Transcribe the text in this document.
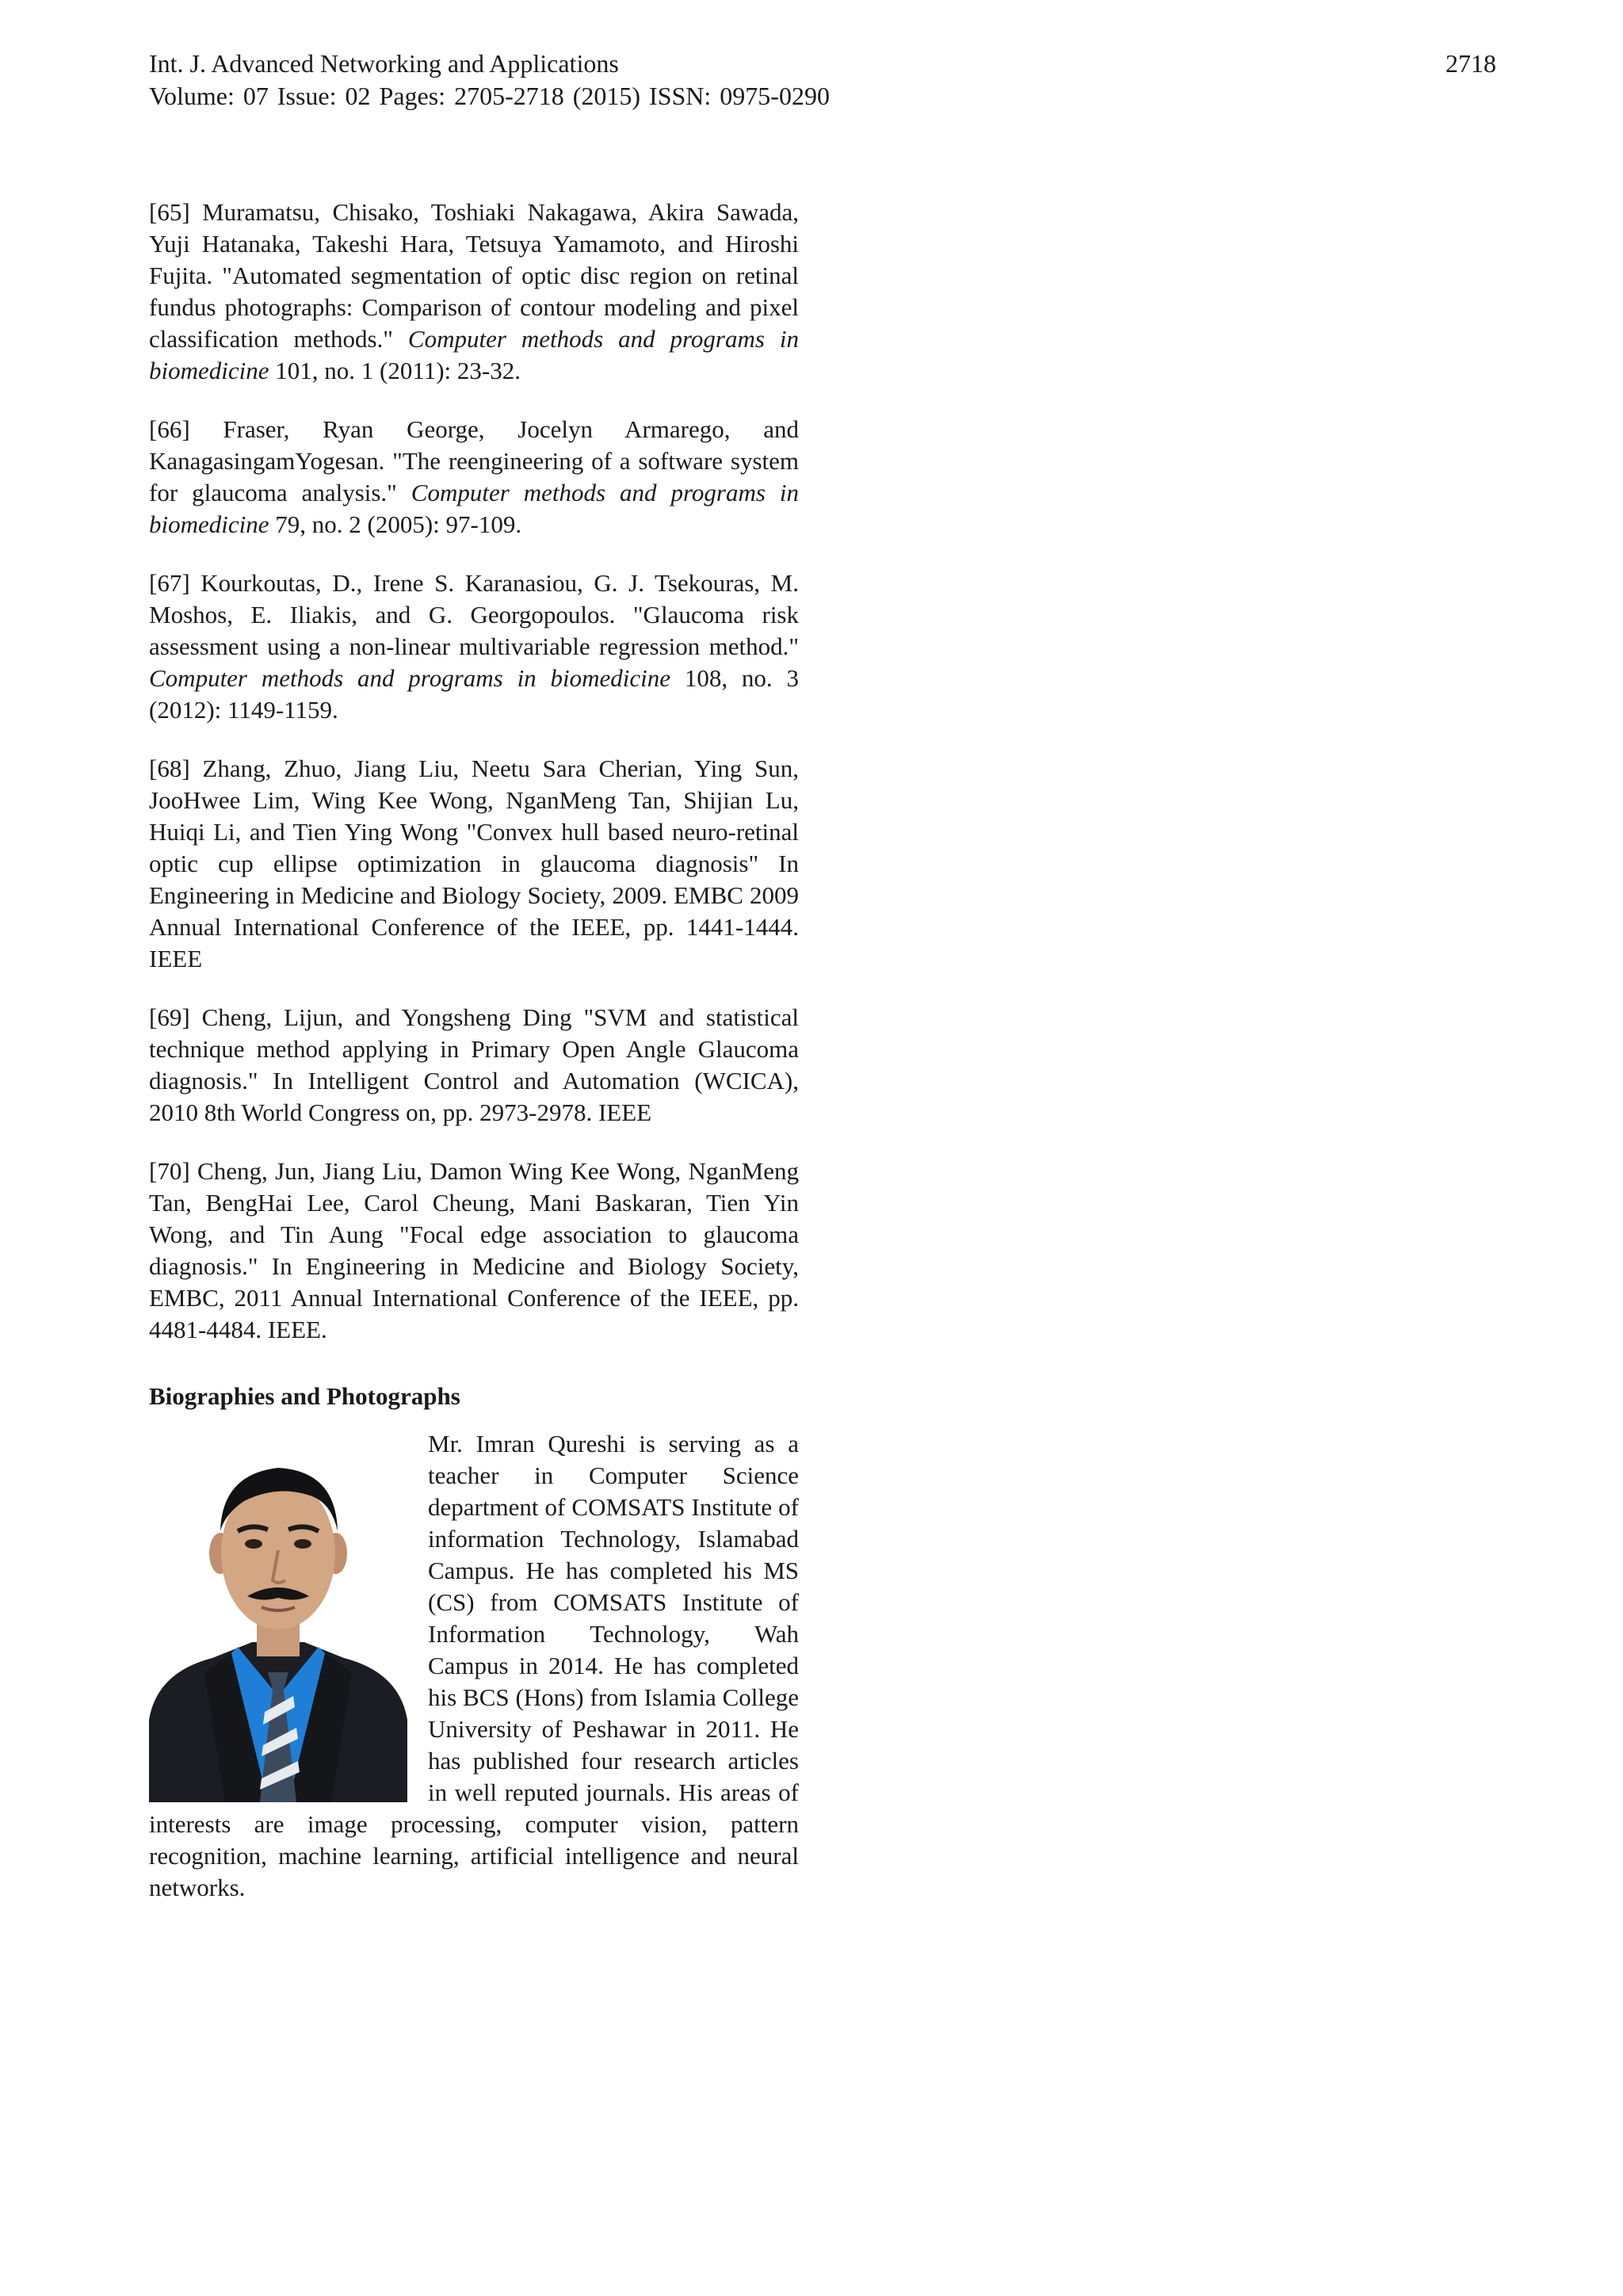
Int. J. Advanced Networking and Applications
Volume: 07 Issue: 02 Pages: 2705-2718 (2015) ISSN: 0975-0290
2718

[65] Muramatsu, Chisako, Toshiaki Nakagawa, Akira Sawada, Yuji Hatanaka, Takeshi Hara, Tetsuya Yamamoto, and Hiroshi Fujita. "Automated segmentation of optic disc region on retinal fundus photographs: Comparison of contour modeling and pixel classification methods." Computer methods and programs in biomedicine 101, no. 1 (2011): 23-32.

[66] Fraser, Ryan George, Jocelyn Armarego, and KanagasingamYogesan. "The reengineering of a software system for glaucoma analysis." Computer methods and programs in biomedicine 79, no. 2 (2005): 97-109.

[67] Kourkoutas, D., Irene S. Karanasiou, G. J. Tsekouras, M. Moshos, E. Iliakis, and G. Georgopoulos. "Glaucoma risk assessment using a non-linear multivariable regression method." Computer methods and programs in biomedicine 108, no. 3 (2012): 1149-1159.

[68] Zhang, Zhuo, Jiang Liu, Neetu Sara Cherian, Ying Sun, JooHwee Lim, Wing Kee Wong, NganMeng Tan, Shijian Lu, Huiqi Li, and Tien Ying Wong "Convex hull based neuro-retinal optic cup ellipse optimization in glaucoma diagnosis" In Engineering in Medicine and Biology Society, 2009. EMBC 2009 Annual International Conference of the IEEE, pp. 1441-1444. IEEE

[69] Cheng, Lijun, and Yongsheng Ding "SVM and statistical technique method applying in Primary Open Angle Glaucoma diagnosis." In Intelligent Control and Automation (WCICA), 2010 8th World Congress on, pp. 2973-2978. IEEE

[70] Cheng, Jun, Jiang Liu, Damon Wing Kee Wong, NganMeng Tan, BengHai Lee, Carol Cheung, Mani Baskaran, Tien Yin Wong, and Tin Aung "Focal edge association to glaucoma diagnosis." In Engineering in Medicine and Biology Society, EMBC, 2011 Annual International Conference of the IEEE, pp. 4481-4484. IEEE.

Biographies and Photographs
Mr. Imran Qureshi is serving as a teacher in Computer Science department of COMSATS Institute of information Technology, Islamabad Campus. He has completed his MS (CS) from COMSATS Institute of Information Technology, Wah Campus in 2014. He has completed his BCS (Hons) from Islamia College University of Peshawar in 2011. He has published four research articles in well reputed journals. His areas of interests are image processing, computer vision, pattern recognition, machine learning, artificial intelligence and neural networks.
